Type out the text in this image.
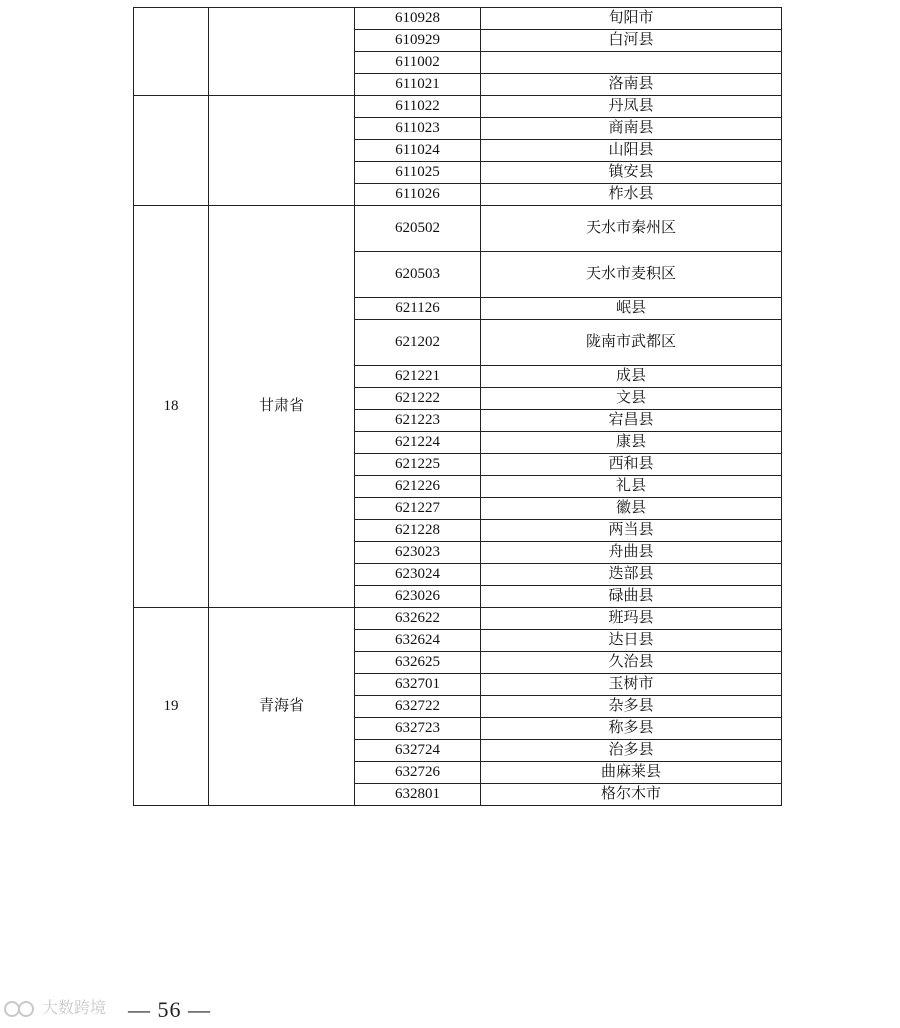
		610928	旬阳市
		610929	白河县
		611002	
		611021	洛南县
		611022	丹凤县
		611023	商南县
		611024	山阳县
		611025	镇安县
		611026	柞水县
18	甘肃省	620502	天水市秦州区
		620503	天水市麦积区
		621126	岷县
		621202	陇南市武都区
		621221	成县
		621222	文县
		621223	宕昌县
		621224	康县
		621225	西和县
		621226	礼县
		621227	徽县
		621228	两当县
		623023	舟曲县
		623024	迭部县
		623026	碌曲县
19	青海省	632622	班玛县
		632624	达日县
		632625	久治县
		632701	玉树市
		632722	杂多县
		632723	称多县
		632724	治多县
		632726	曲麻莱县
		632801	格尔木市
大数跨境 — 56 —
